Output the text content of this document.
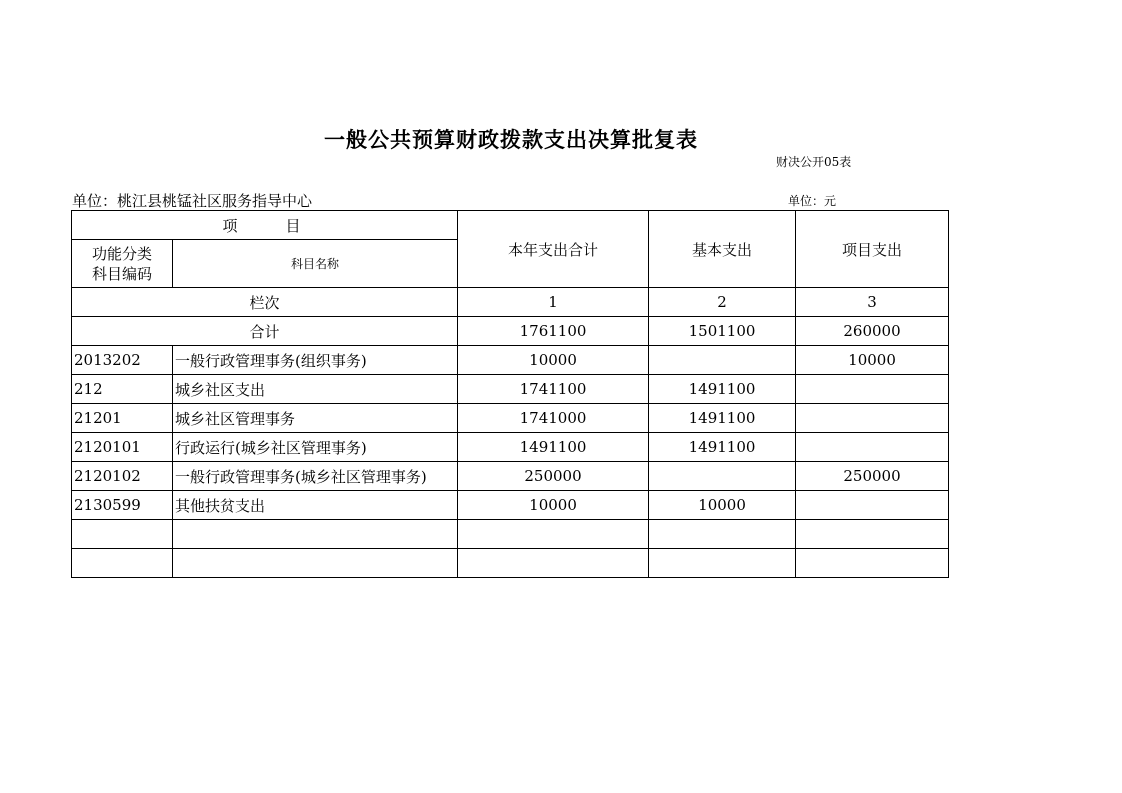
一般公共预算财政拨款支出决算批复表
财决公开05表
单位：桃江县桃锰社区服务指导中心	单位：元
项　　目		本年支出合计	基本支出	项目支出

功能分类
科目编码	科目名称			
栏次		1	2	3
合计		1761100	1501100	260000
2013202	一般行政管理事务(组织事务)	10000		10000
212	城乡社区支出	1741100	1491100	
21201	城乡社区管理事务	1741000	1491100	
2120101	行政运行(城乡社区管理事务)	1491100	1491100	
2120102	一般行政管理事务(城乡社区管理事务)	250000		250000
2130599	其他扶贫支出	10000	10000	
